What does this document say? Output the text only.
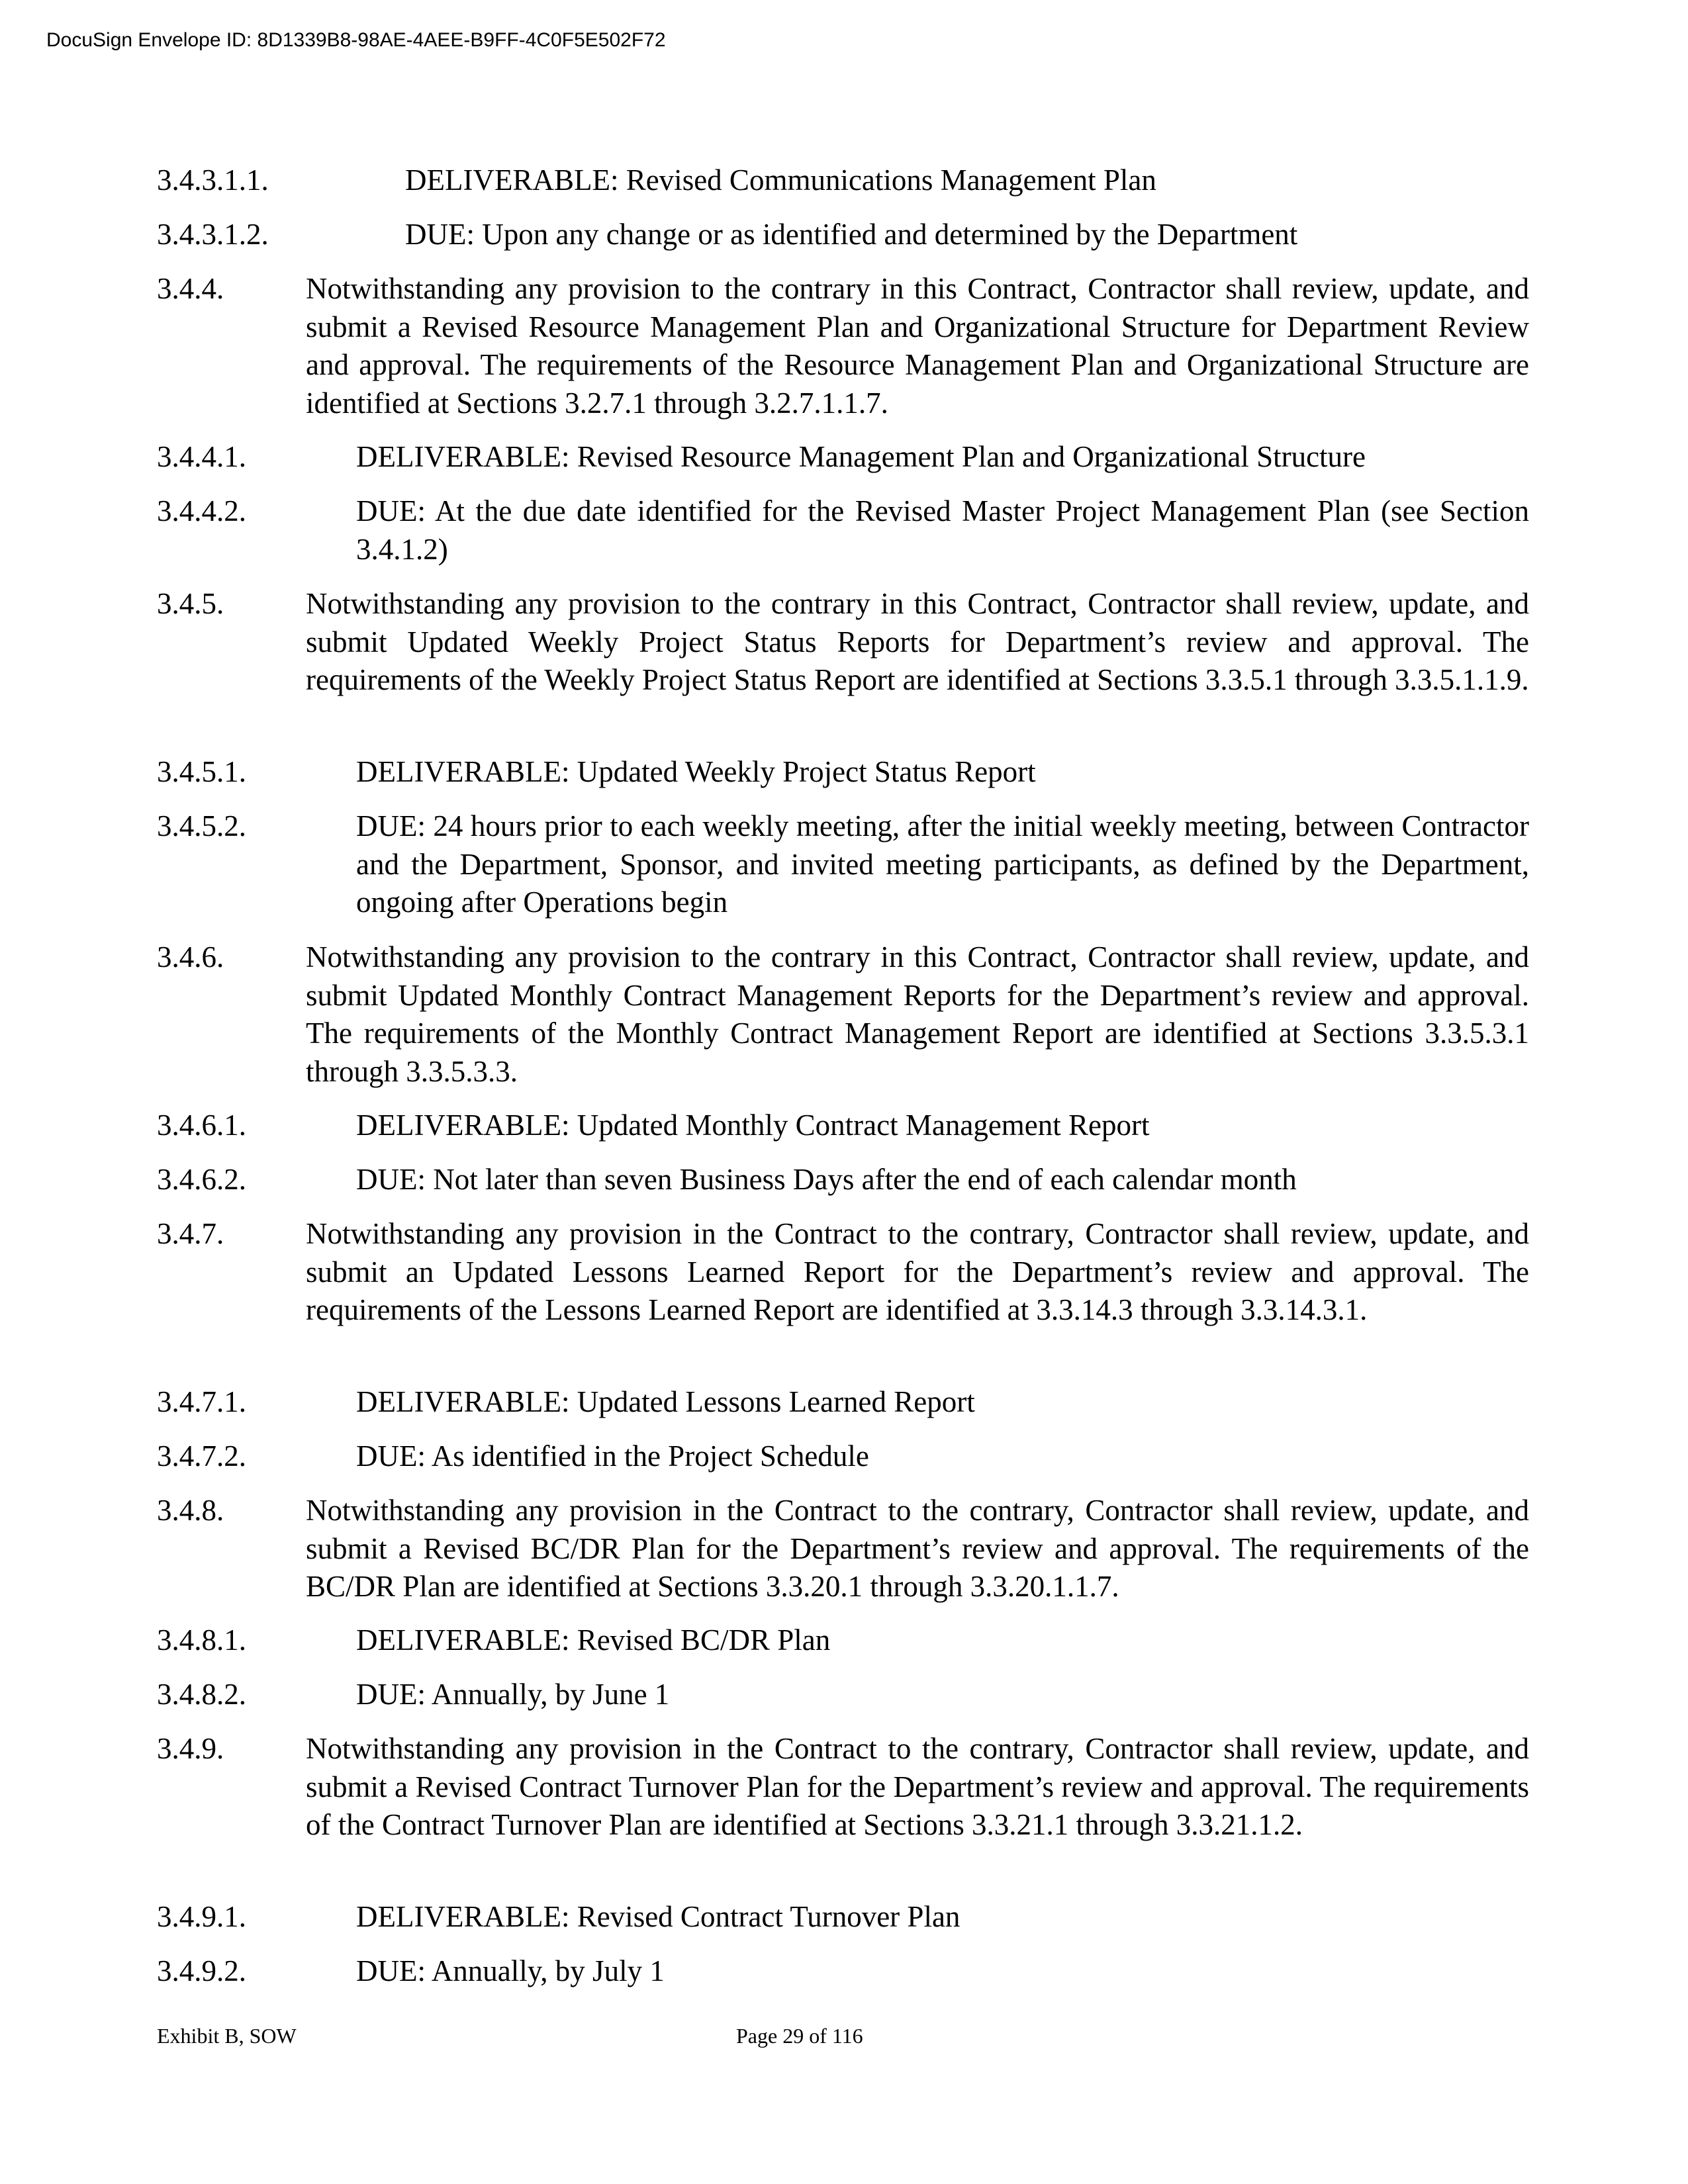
DocuSign Envelope ID: 8D1339B8-98AE-4AEE-B9FF-4C0F5E502F72
3.4.3.1.1.	DELIVERABLE: Revised Communications Management Plan
3.4.3.1.2.	DUE: Upon any change or as identified and determined by the Department
3.4.4.	Notwithstanding any provision to the contrary in this Contract, Contractor shall review, update, and submit a Revised Resource Management Plan and Organizational Structure for Department Review and approval. The requirements of the Resource Management Plan and Organizational Structure are identified at Sections 3.2.7.1 through 3.2.7.1.1.7.
3.4.4.1.	DELIVERABLE: Revised Resource Management Plan and Organizational Structure
3.4.4.2.	DUE: At the due date identified for the Revised Master Project Management Plan (see Section 3.4.1.2)
3.4.5.	Notwithstanding any provision to the contrary in this Contract, Contractor shall review, update, and submit Updated Weekly Project Status Reports for Department’s review and approval. The requirements of the Weekly Project Status Report are identified at Sections 3.3.5.1 through 3.3.5.1.1.9.
3.4.5.1.	DELIVERABLE: Updated Weekly Project Status Report
3.4.5.2.	DUE: 24 hours prior to each weekly meeting, after the initial weekly meeting, between Contractor and the Department, Sponsor, and invited meeting participants, as defined by the Department, ongoing after Operations begin
3.4.6.	Notwithstanding any provision to the contrary in this Contract, Contractor shall review, update, and submit Updated Monthly Contract Management Reports for the Department’s review and approval. The requirements of the Monthly Contract Management Report are identified at Sections 3.3.5.3.1 through 3.3.5.3.3.
3.4.6.1.	DELIVERABLE: Updated Monthly Contract Management Report
3.4.6.2.	DUE: Not later than seven Business Days after the end of each calendar month
3.4.7.	Notwithstanding any provision in the Contract to the contrary, Contractor shall review, update, and submit an Updated Lessons Learned Report for the Department’s review and approval. The requirements of the Lessons Learned Report are identified at 3.3.14.3 through 3.3.14.3.1.
3.4.7.1.	DELIVERABLE: Updated Lessons Learned Report
3.4.7.2.	DUE: As identified in the Project Schedule
3.4.8.	Notwithstanding any provision in the Contract to the contrary, Contractor shall review, update, and submit a Revised BC/DR Plan for the Department’s review and approval. The requirements of the BC/DR Plan are identified at Sections 3.3.20.1 through 3.3.20.1.1.7.
3.4.8.1.	DELIVERABLE: Revised BC/DR Plan
3.4.8.2.	DUE: Annually, by June 1
3.4.9.	Notwithstanding any provision in the Contract to the contrary, Contractor shall review, update, and submit a Revised Contract Turnover Plan for the Department’s review and approval. The requirements of the Contract Turnover Plan are identified at Sections 3.3.21.1 through 3.3.21.1.2.
3.4.9.1.	DELIVERABLE: Revised Contract Turnover Plan
3.4.9.2.	DUE: Annually, by July 1
Exhibit B, SOW	Page 29 of 116
